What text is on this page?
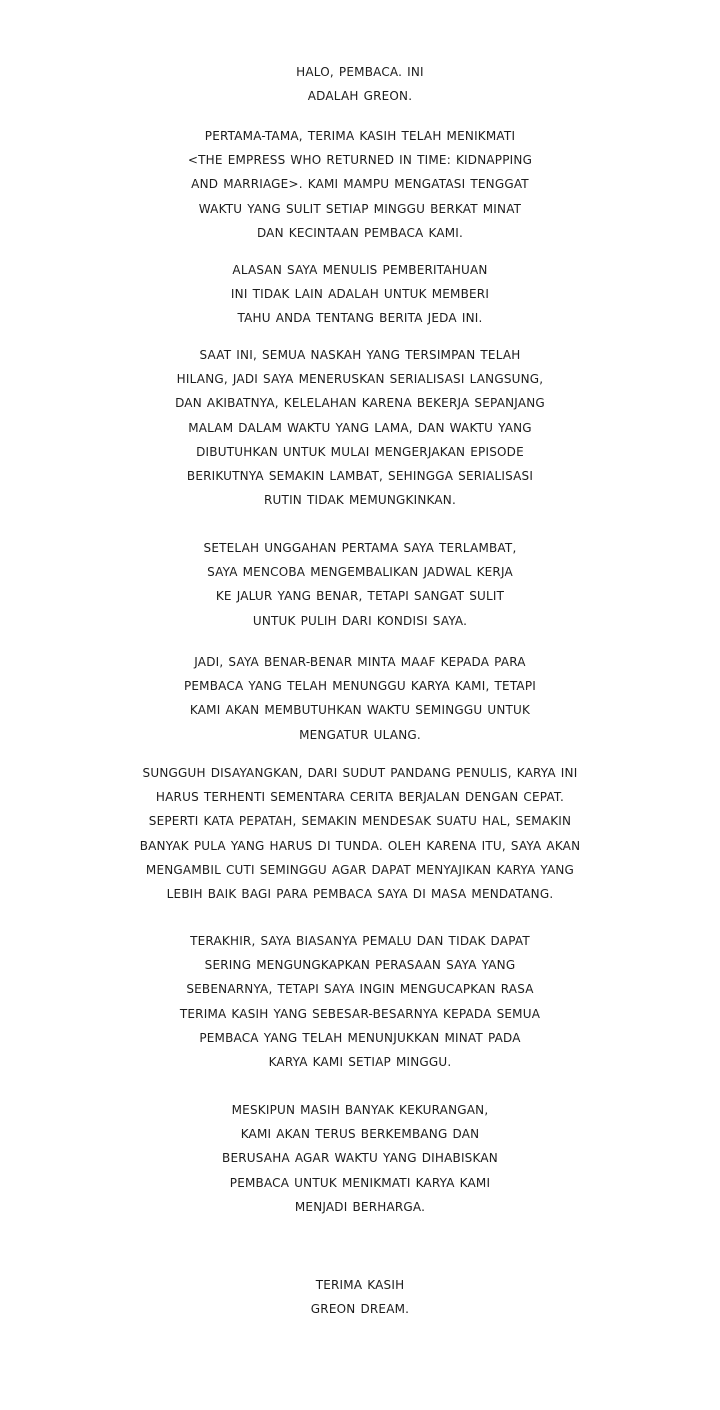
HALO, PEMBACA. INI
ADALAH GREON.
PERTAMA-TAMA, TERIMA KASIH TELAH MENIKMATI
<THE EMPRESS WHO RETURNED IN TIME: KIDNAPPING
AND MARRIAGE>. KAMI MAMPU MENGATASI TENGGAT
WAKTU YANG SULIT SETIAP MINGGU BERKAT MINAT
DAN KECINTAAN PEMBACA KAMI.
ALASAN SAYA MENULIS PEMBERITAHUAN
INI TIDAK LAIN ADALAH UNTUK MEMBERI
TAHU ANDA TENTANG BERITA JEDA INI.
SAAT INI, SEMUA NASKAH YANG TERSIMPAN TELAH
HILANG, JADI SAYA MENERUSKAN SERIALISASI LANGSUNG,
DAN AKIBATNYA, KELELAHAN KARENA BEKERJA SEPANJANG
MALAM DALAM WAKTU YANG LAMA, DAN WAKTU YANG
DIBUTUHKAN UNTUK MULAI MENGERJAKAN EPISODE
BERIKUTNYA SEMAKIN LAMBAT, SEHINGGA SERIALISASI
RUTIN TIDAK MEMUNGKINKAN.
SETELAH UNGGAHAN PERTAMA SAYA TERLAMBAT,
SAYA MENCOBA MENGEMBALIKAN JADWAL KERJA
KE JALUR YANG BENAR, TETAPI SANGAT SULIT
UNTUK PULIH DARI KONDISI SAYA.
JADI, SAYA BENAR-BENAR MINTA MAAF KEPADA PARA
PEMBACA YANG TELAH MENUNGGU KARYA KAMI, TETAPI
KAMI AKAN MEMBUTUHKAN WAKTU SEMINGGU UNTUK
MENGATUR ULANG.
SUNGGUH DISAYANGKAN, DARI SUDUT PANDANG PENULIS, KARYA INI
HARUS TERHENTI SEMENTARA CERITA BERJALAN DENGAN CEPAT.
SEPERTI KATA PEPATAH, SEMAKIN MENDESAK SUATU HAL, SEMAKIN
BANYAK PULA YANG HARUS DI TUNDA. OLEH KARENA ITU, SAYA AKAN
MENGAMBIL CUTI SEMINGGU AGAR DAPAT MENYAJIKAN KARYA YANG
LEBIH BAIK BAGI PARA PEMBACA SAYA DI MASA MENDATANG.
TERAKHIR, SAYA BIASANYA PEMALU DAN TIDAK DAPAT
SERING MENGUNGKAPKAN PERASAAN SAYA YANG
SEBENARNYA, TETAPI SAYA INGIN MENGUCAPKAN RASA
TERIMA KASIH YANG SEBESAR-BESARNYA KEPADA SEMUA
PEMBACA YANG TELAH MENUNJUKKAN MINAT PADA
KARYA KAMI SETIAP MINGGU.
MESKIPUN MASIH BANYAK KEKURANGAN,
KAMI AKAN TERUS BERKEMBANG DAN
BERUSAHA AGAR WAKTU YANG DIHABISKAN
PEMBACA UNTUK MENIKMATI KARYA KAMI
MENJADI BERHARGA.
TERIMA KASIH
GREON DREAM.
